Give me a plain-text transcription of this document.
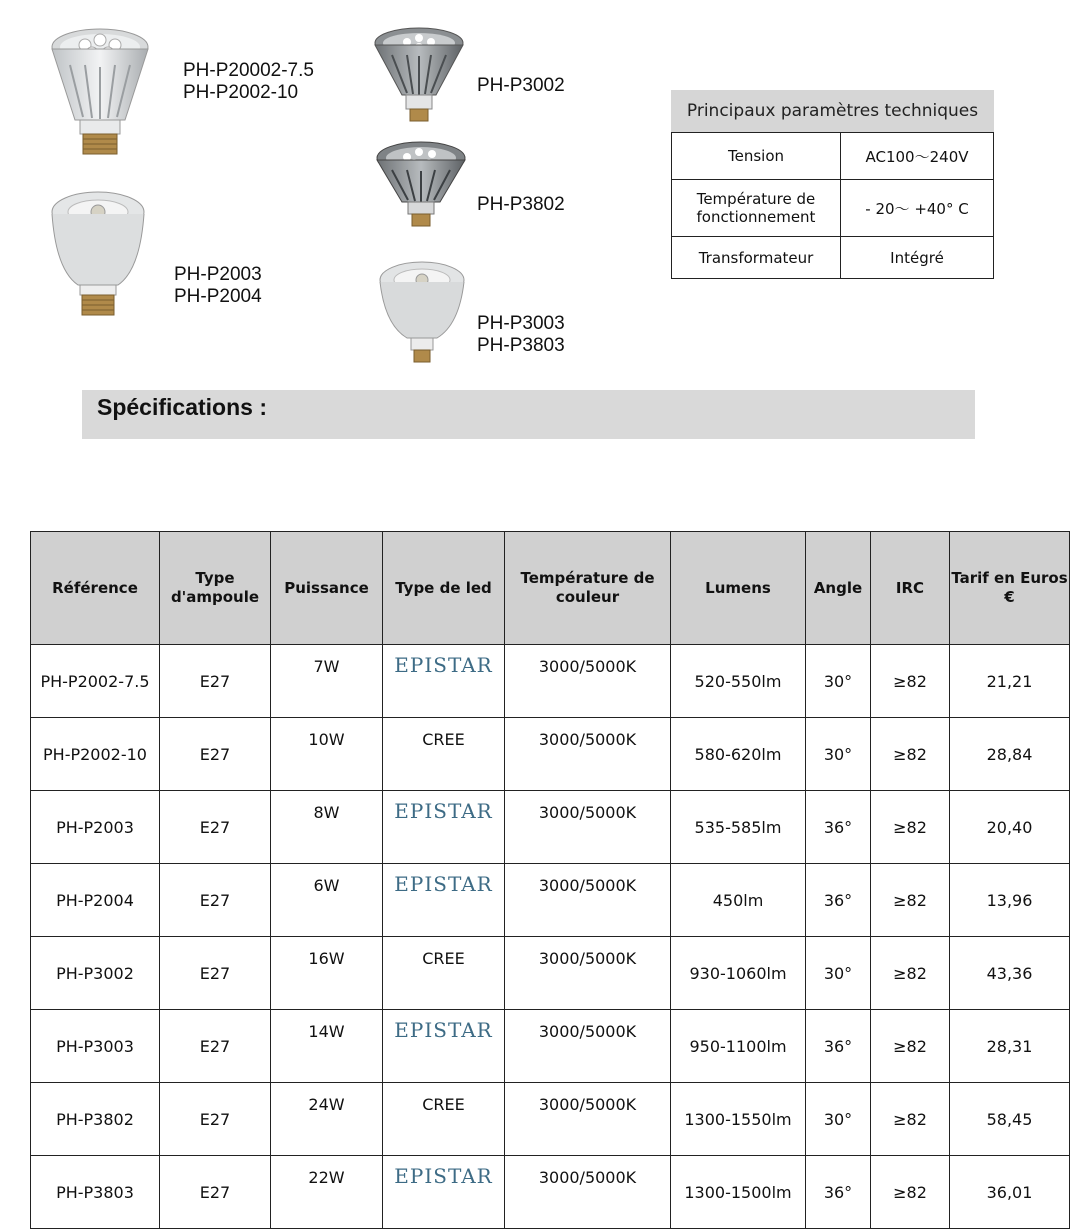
PH-P20002-7.5
PH-P2002-10	PH-P3002
PH-P3802
PH-P2003
PH-P2004
PH-P3003
PH-P3803
Principaux paramètres techniques
Tension	AC100～240V
Température de fonctionnement	- 20～ +40° C
Transformateur	Intégré
Spécifications :
Référence	Type d'ampoule	Puissance	Type de led	Température de couleur	Lumens	Angle	IRC	Tarif en Euros €
PH-P2002-7.5	E27	7W	EPISTAR	3000/5000K	520-550lm	30°	≥82	21,21
PH-P2002-10	E27	10W	CREE	3000/5000K	580-620lm	30°	≥82	28,84
PH-P2003	E27	8W	EPISTAR	3000/5000K	535-585lm	36°	≥82	20,40
PH-P2004	E27	6W	EPISTAR	3000/5000K	450lm	36°	≥82	13,96
PH-P3002	E27	16W	CREE	3000/5000K	930-1060lm	30°	≥82	43,36
PH-P3003	E27	14W	EPISTAR	3000/5000K	950-1100lm	36°	≥82	28,31
PH-P3802	E27	24W	CREE	3000/5000K	1300-1550lm	30°	≥82	58,45
PH-P3803	E27	22W	EPISTAR	3000/5000K	1300-1500lm	36°	≥82	36,01
